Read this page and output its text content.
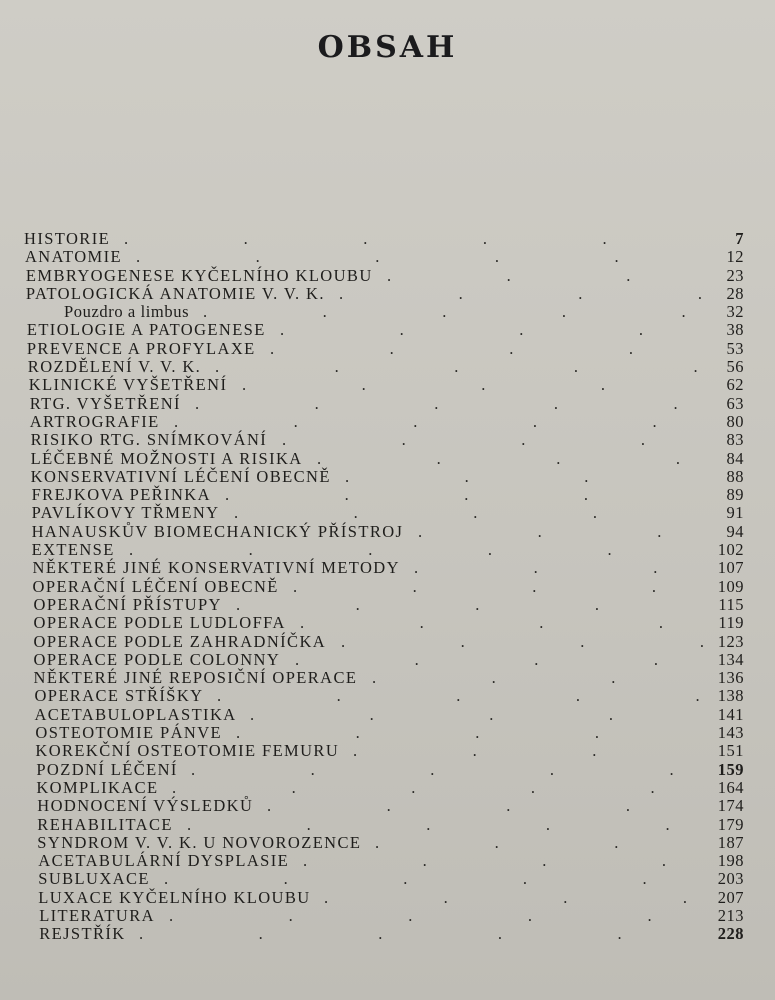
OBSAH
.
HISTORIE	7
.
ANATOMIE	12
.
EMBRYOGENESE KYČELNÍHO KLOUBU	23
.
PATOLOGICKÁ ANATOMIE V. V. K.	28
.
Pouzdro a limbus	32
.
ETIOLOGIE A PATOGENESE	38
.
PREVENCE A PROFYLAXE	53
.
ROZDĚLENÍ V. V. K.	56
.
KLINICKÉ VYŠETŘENÍ	62
.
RTG. VYŠETŘENÍ	63
.
ARTROGRAFIE	80
.
RISIKO RTG. SNÍMKOVÁNÍ	83
.
LÉČEBNÉ MOŽNOSTI A RISIKA	84
.
KONSERVATIVNÍ LÉČENÍ OBECNĚ	88
.
FREJKOVA PEŘINKA	89
.
PAVLÍKOVY TŘMENY	91
.
HANAUSKŮV BIOMECHANICKÝ PŘÍSTROJ	94
.
EXTENSE	102
.
NĚKTERÉ JINÉ KONSERVATIVNÍ METODY	107
.
OPERAČNÍ LÉČENÍ OBECNĚ	109
.
OPERAČNÍ PŘÍSTUPY	115
.
OPERACE PODLE LUDLOFFA	119
.
OPERACE PODLE ZAHRADNÍČKA	123
.
OPERACE PODLE COLONNY	134
.
NĚKTERÉ JINÉ REPOSIČNÍ OPERACE	136
.
OPERACE STŘÍŠKY	138
.
ACETABULOPLASTIKA	141
.
OSTEOTOMIE PÁNVE	143
.
KOREKČNÍ OSTEOTOMIE FEMURU	151
.
POZDNÍ LÉČENÍ	159
.
KOMPLIKACE	164
.
HODNOCENÍ VÝSLEDKŮ	174
.
REHABILITACE	179
.
SYNDROM V. V. K. U NOVOROZENCE	187
.
ACETABULÁRNÍ DYSPLASIE	198
.
SUBLUXACE	203
.
LUXACE KYČELNÍHO KLOUBU	207
.
LITERATURA	213
.
REJSTŘÍK	228
